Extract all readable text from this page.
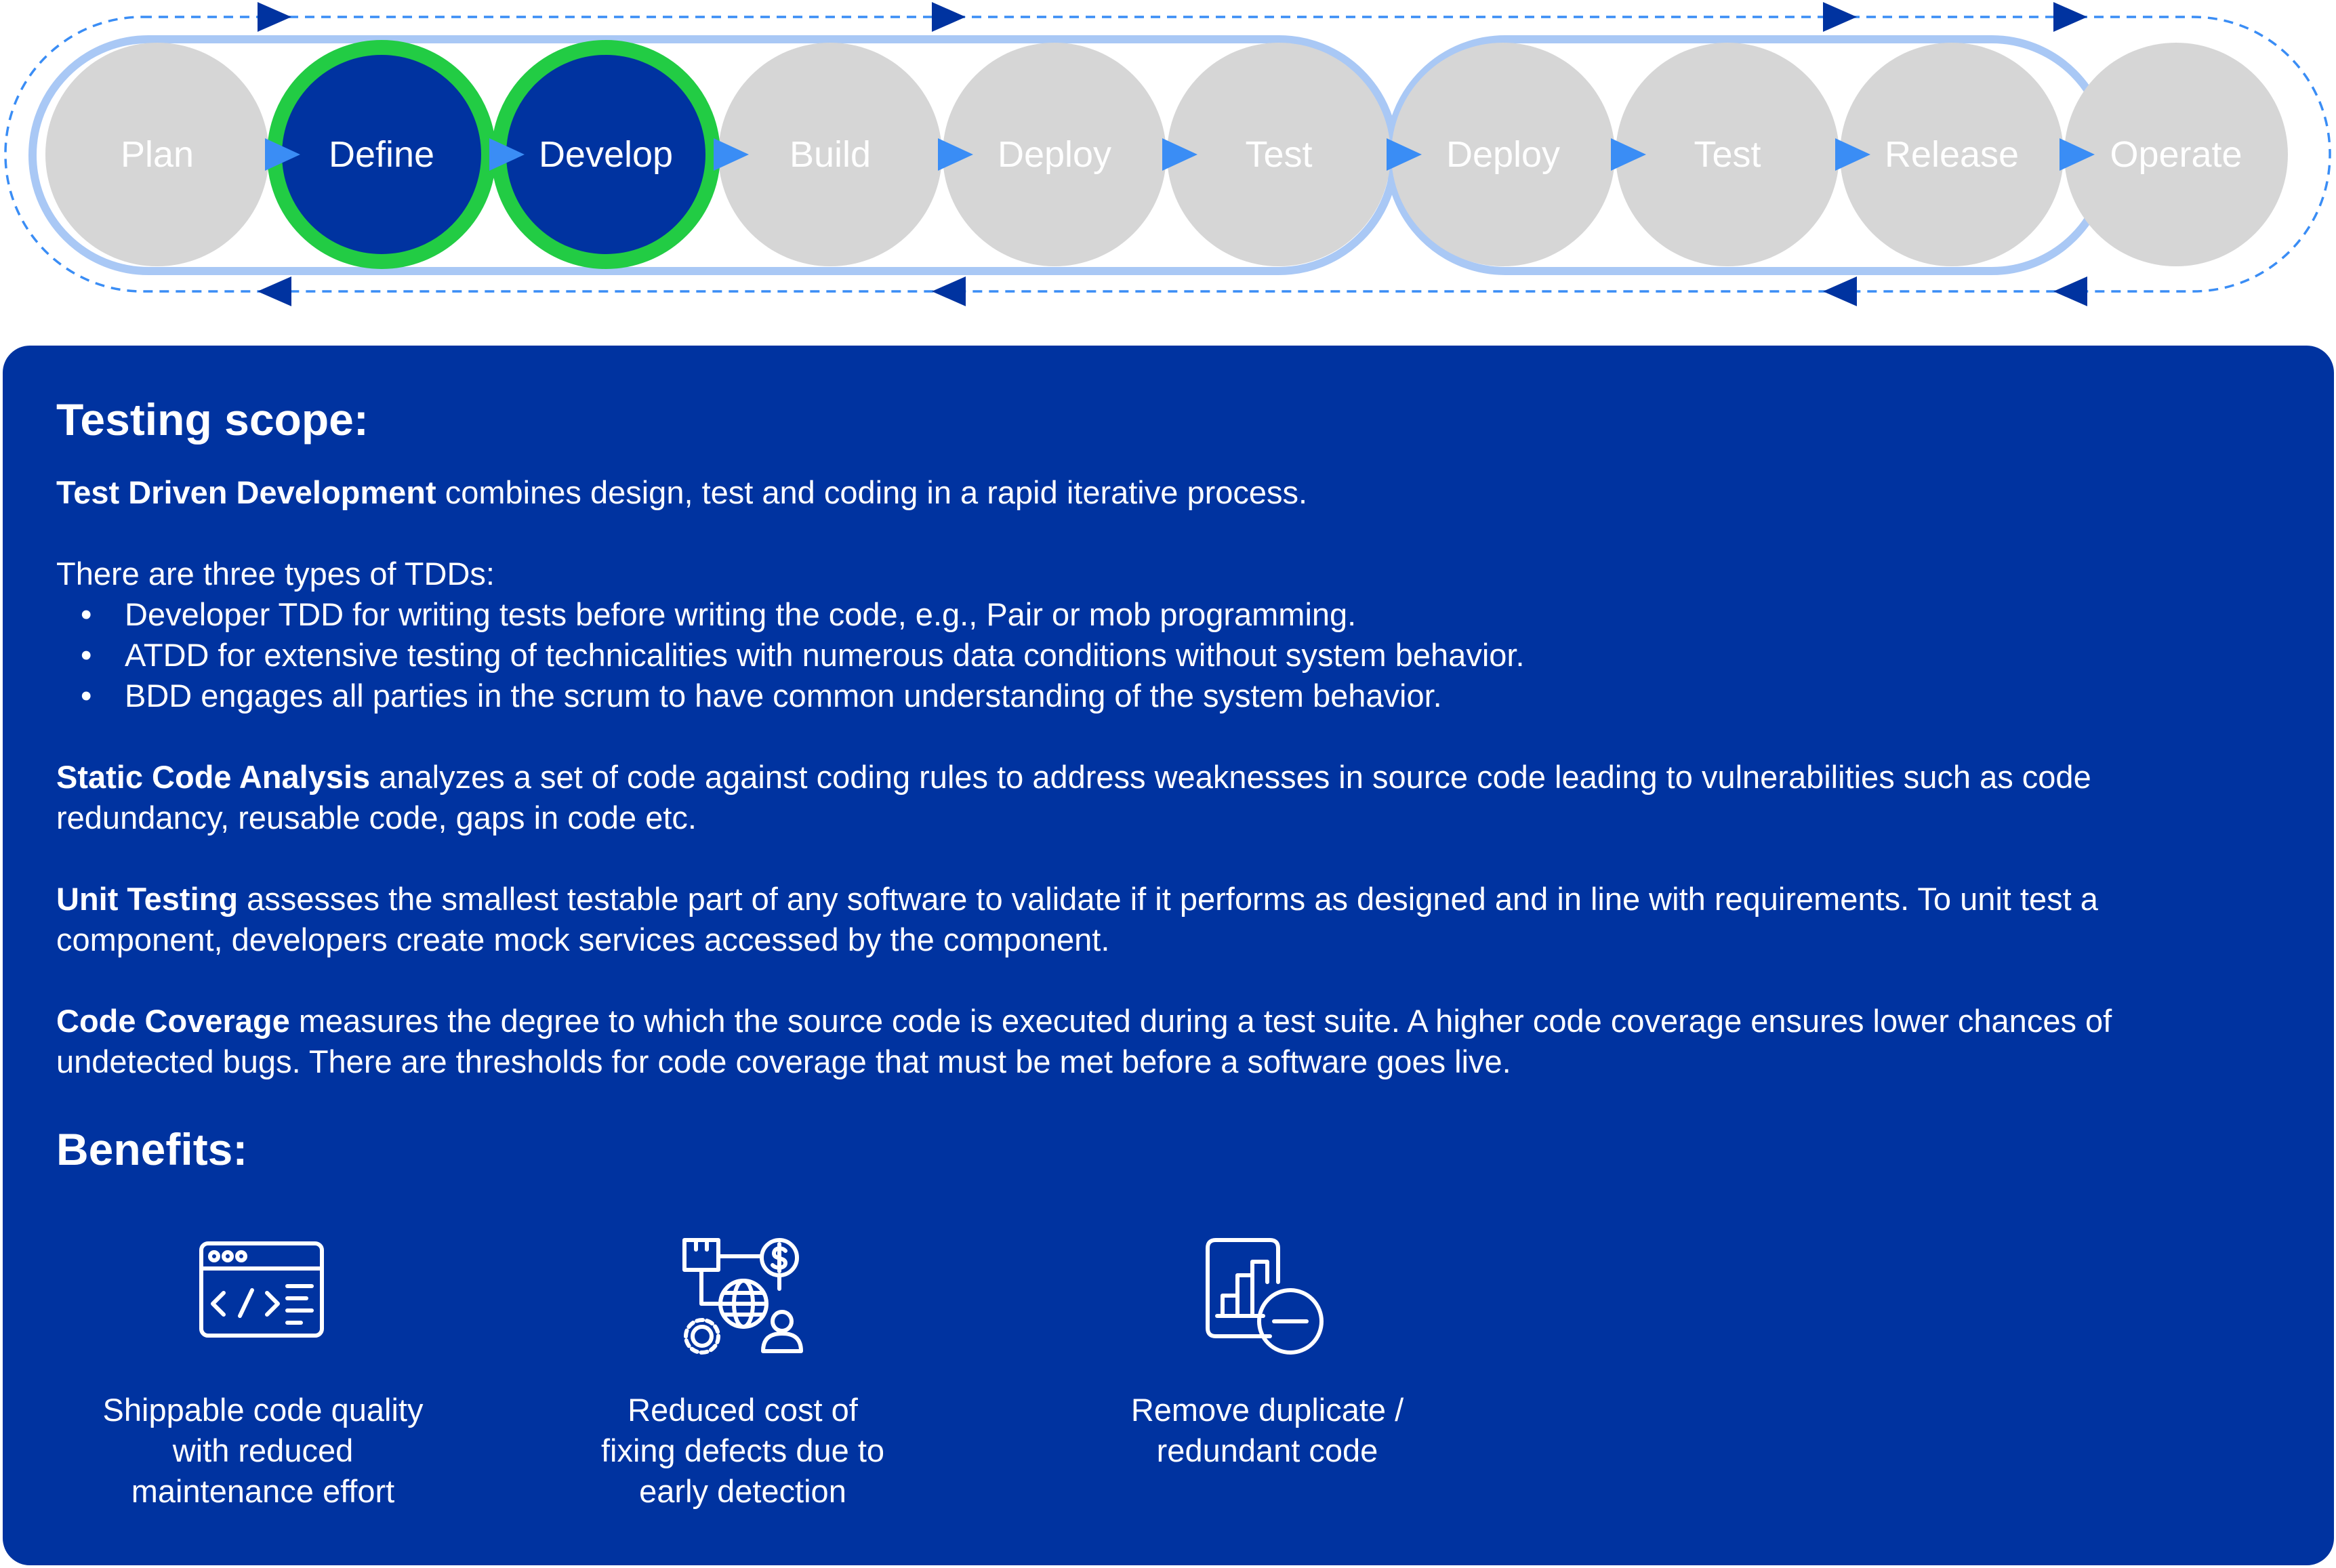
Plan	Build	Deploy	Test	Deploy	Test	Release Operate
Define	Develop
Testing scope:

Test Driven Development combines design, test and coding in a rapid iterative process.

There are three types of TDDs:

• Developer TDD for writing tests before writing the code, e.g., Pair or mob programming.
• ATDD for extensive testing of technicalities with numerous data conditions without system behavior.
• BDD engages all parties in the scrum to have common understanding of the system behavior.

Static Code Analysis analyzes a set of code against coding rules to address weaknesses in source code leading to vulnerabilities such as code redundancy, reusable code, gaps in code etc.

Unit Testing assesses the smallest testable part of any software to validate if it performs as designed and in line with requirements. To unit test a component, developers create mock services accessed by the component.

Code Coverage measures the degree to which the source code is executed during a test suite. A higher code coverage ensures lower chances of undetected bugs. There are thresholds for code coverage that must be met before a software goes live.

Benefits:
Shippable code quality
with reduced
maintenance effort
Reduced cost of
fixing defects due to
early detection
Remove duplicate /
redundant code
